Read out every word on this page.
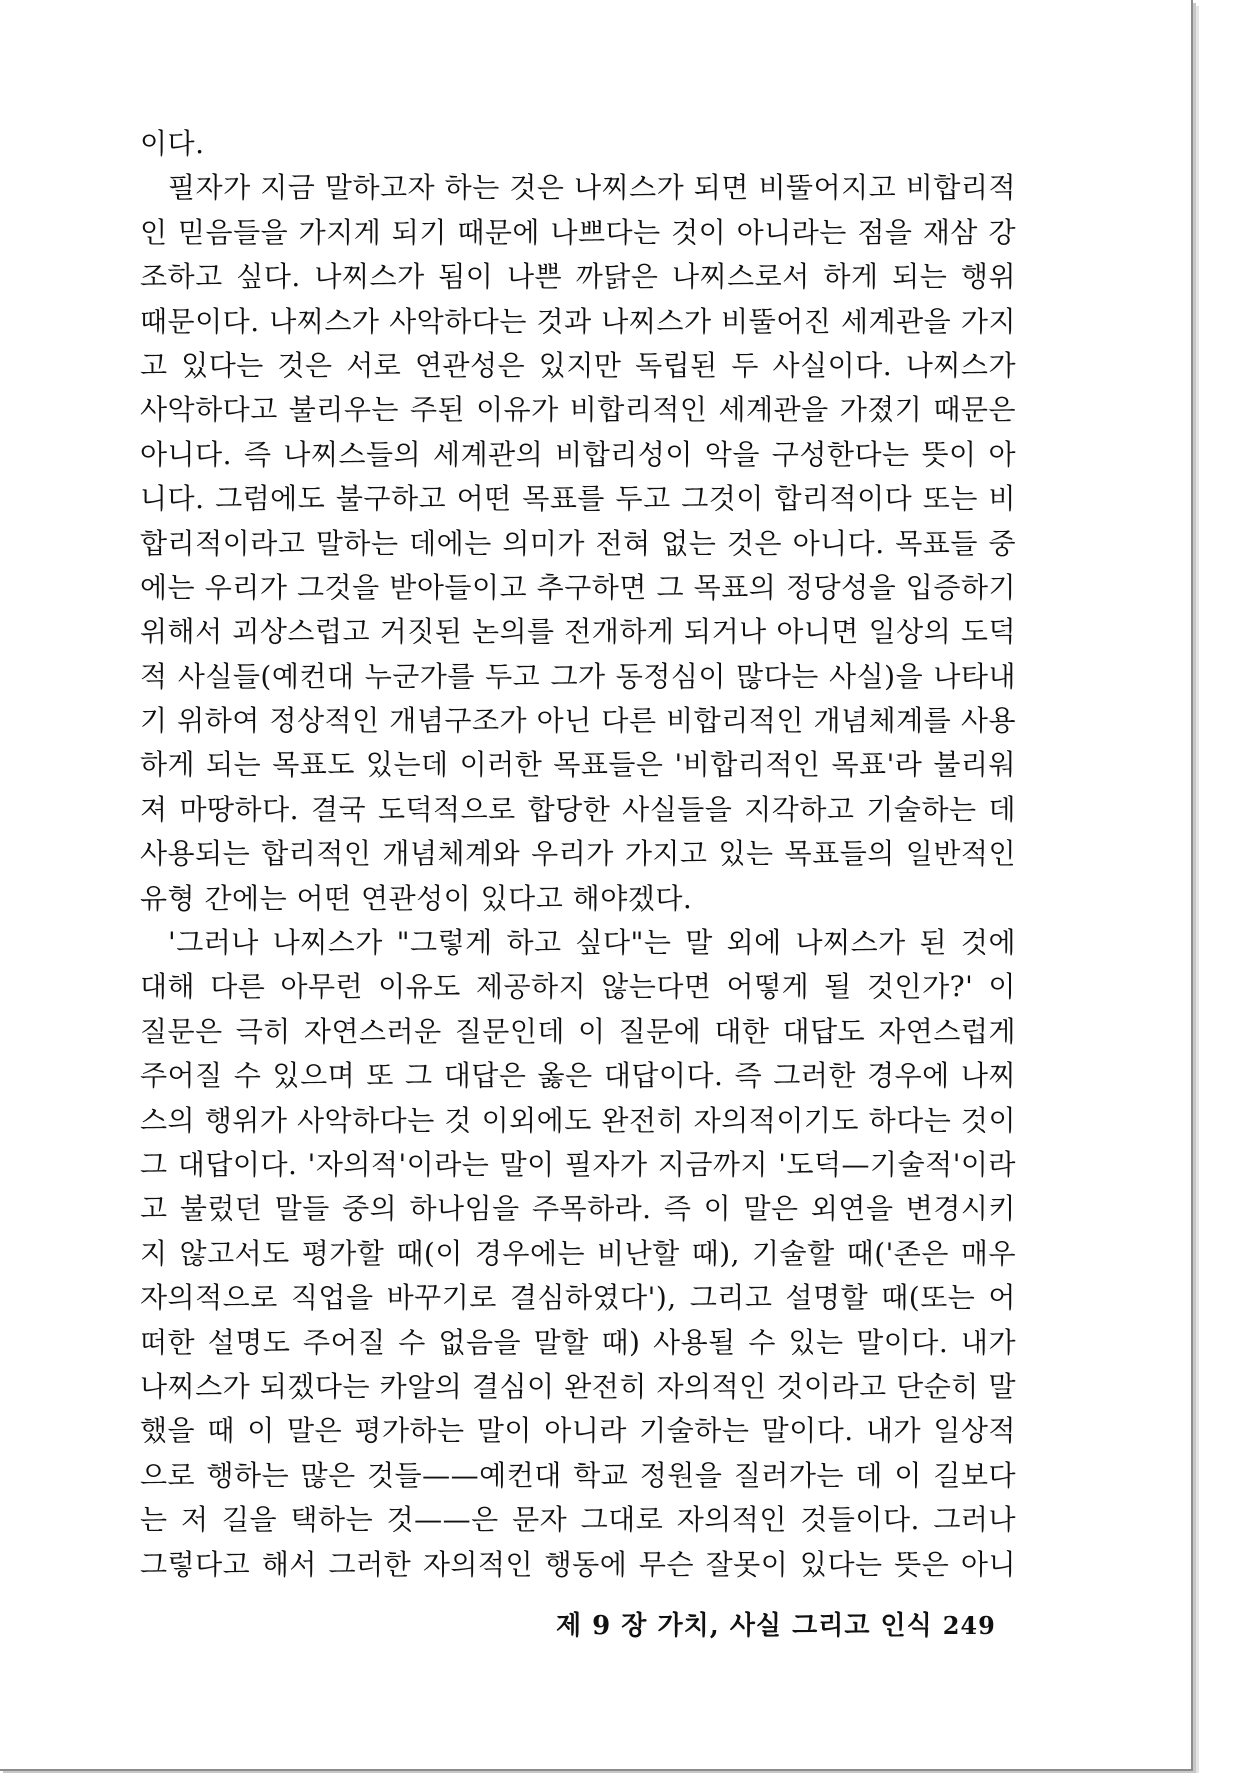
이다.
필자가 지금 말하고자 하는 것은 나찌스가 되면 비뚤어지고 비합리적
인 믿음들을 가지게 되기 때문에 나쁘다는 것이 아니라는 점을 재삼 강
조하고 싶다. 나찌스가 됨이 나쁜 까닭은 나찌스로서 하게 되는 행위
때문이다. 나찌스가 사악하다는 것과 나찌스가 비뚤어진 세계관을 가지
고 있다는 것은 서로 연관성은 있지만 독립된 두 사실이다. 나찌스가
사악하다고 불리우는 주된 이유가 비합리적인 세계관을 가졌기 때문은
아니다. 즉 나찌스들의 세계관의 비합리성이 악을 구성한다는 뜻이 아
니다. 그럼에도 불구하고 어떤 목표를 두고 그것이 합리적이다 또는 비
합리적이라고 말하는 데에는 의미가 전혀 없는 것은 아니다. 목표들 중
에는 우리가 그것을 받아들이고 추구하면 그 목표의 정당성을 입증하기
위해서 괴상스럽고 거짓된 논의를 전개하게 되거나 아니면 일상의 도덕
적 사실들(예컨대 누군가를 두고 그가 동정심이 많다는 사실)을 나타내
기 위하여 정상적인 개념구조가 아닌 다른 비합리적인 개념체계를 사용
하게 되는 목표도 있는데 이러한 목표들은 '비합리적인 목표'라 불리워
져 마땅하다. 결국 도덕적으로 합당한 사실들을 지각하고 기술하는 데
사용되는 합리적인 개념체계와 우리가 가지고 있는 목표들의 일반적인
유형 간에는 어떤 연관성이 있다고 해야겠다.
'그러나 나찌스가 "그렇게 하고 싶다"는 말 외에 나찌스가 된 것에
대해 다른 아무런 이유도 제공하지 않는다면 어떻게 될 것인가?' 이
질문은 극히 자연스러운 질문인데 이 질문에 대한 대답도 자연스럽게
주어질 수 있으며 또 그 대답은 옳은 대답이다. 즉 그러한 경우에 나찌
스의 행위가 사악하다는 것 이외에도 완전히 자의적이기도 하다는 것이
그 대답이다. '자의적'이라는 말이 필자가 지금까지 '도덕—기술적'이라
고 불렀던 말들 중의 하나임을 주목하라. 즉 이 말은 외연을 변경시키
지 않고서도 평가할 때(이 경우에는 비난할 때), 기술할 때('존은 매우
자의적으로 직업을 바꾸기로 결심하였다'), 그리고 설명할 때(또는 어
떠한 설명도 주어질 수 없음을 말할 때) 사용될 수 있는 말이다. 내가
나찌스가 되겠다는 카알의 결심이 완전히 자의적인 것이라고 단순히 말
했을 때 이 말은 평가하는 말이 아니라 기술하는 말이다. 내가 일상적
으로 행하는 많은 것들——예컨대 학교 정원을 질러가는 데 이 길보다
는 저 길을 택하는 것——은 문자 그대로 자의적인 것들이다. 그러나
그렇다고 해서 그러한 자의적인 행동에 무슨 잘못이 있다는 뜻은 아니
제 9 장 가치, 사실 그리고 인식 249
